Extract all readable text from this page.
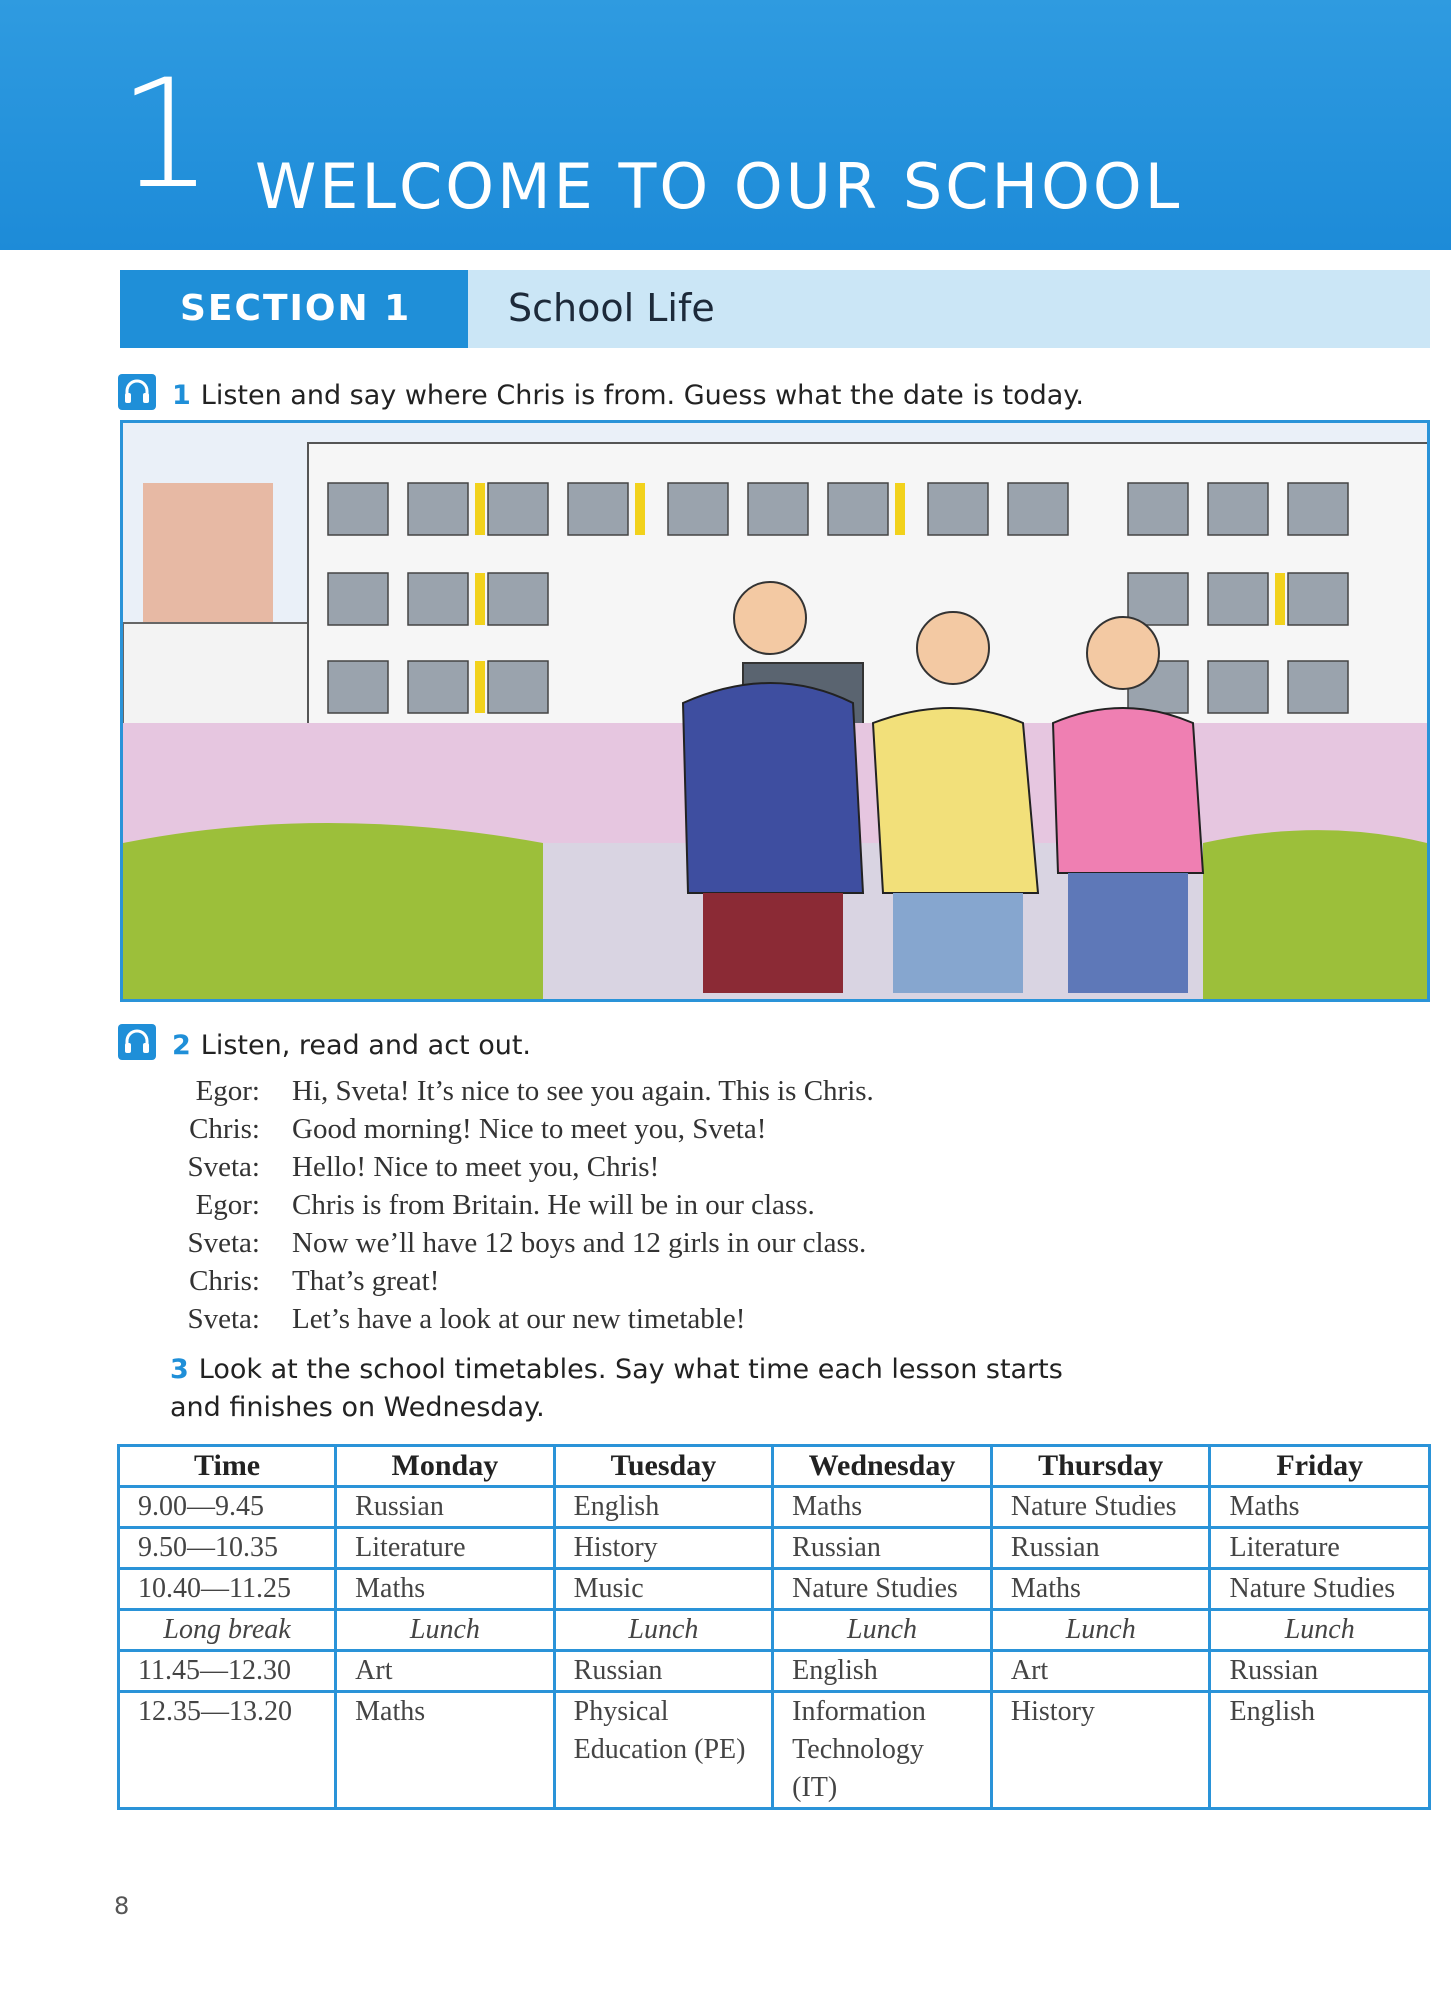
1 WELCOME TO OUR SCHOOL
SECTION 1	School Life
1 Listen and say where Chris is from. Guess what the date is today.
2 Listen, read and act out.
Egor: Hi, Sveta! It’s nice to see you again. This is Chris.
Chris: Good morning! Nice to meet you, Sveta!
Sveta: Hello! Nice to meet you, Chris!
Egor: Chris is from Britain. He will be in our class.
Sveta: Now we’ll have 12 boys and 12 girls in our class.
Chris: That’s great!
Sveta: Let’s have a look at our new timetable!
3 Look at the school timetables. Say what time each lesson starts
and finishes on Wednesday.
Time	Monday	Tuesday	Wednesday	Thursday	Friday
9.00—9.45	Russian	English	Maths	Nature Studies	Maths
9.50—10.35	Literature	History	Russian	Russian	Literature
10.40—11.25	Maths	Music	Nature Studies	Maths	Nature Studies
Long break	Lunch	Lunch	Lunch	Lunch	Lunch
11.45—12.30	Art	Russian	English	Art	Russian
12.35—13.20	Maths	Physical Education (PE)	Information Technology (IT)	History	English
8
